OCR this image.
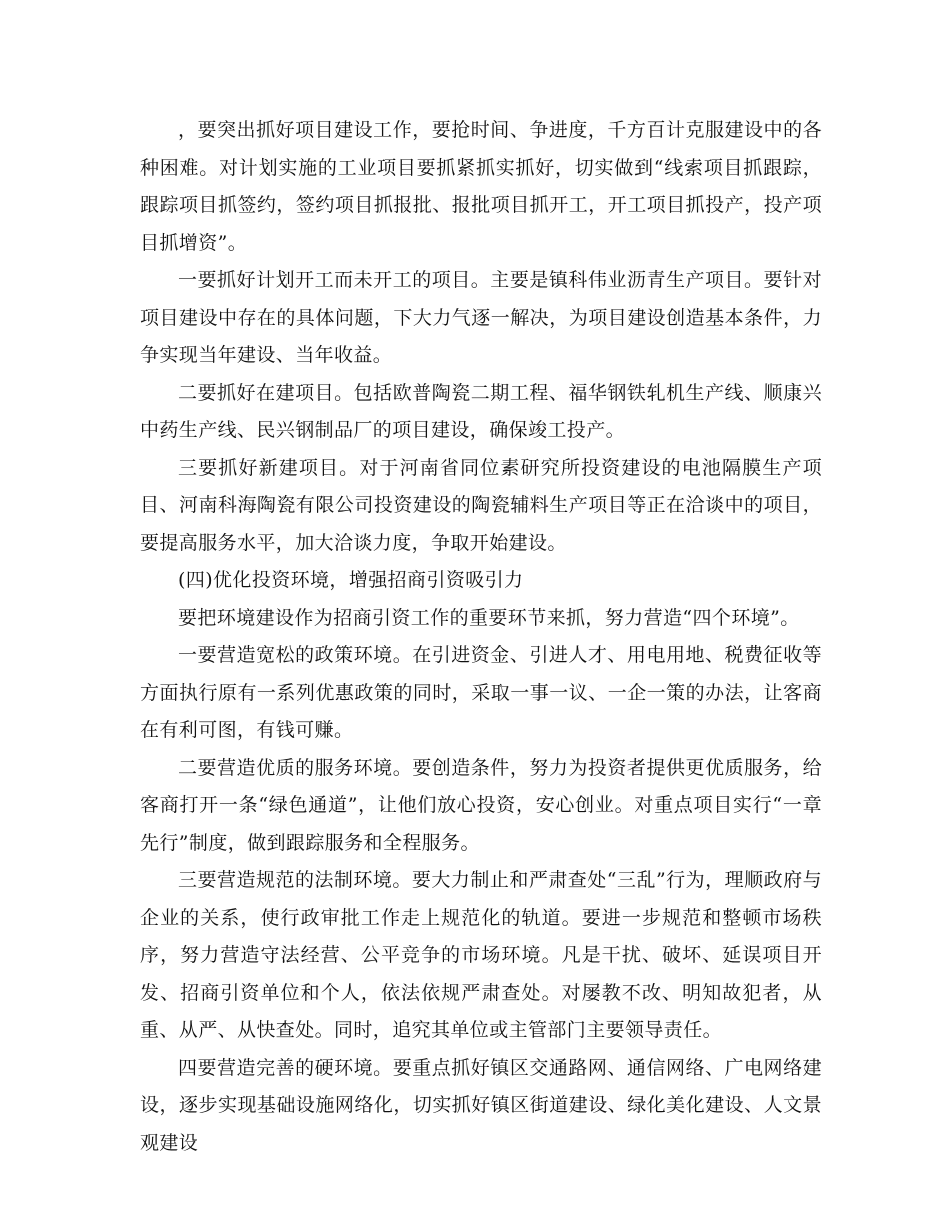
，要突出抓好项目建设工作，要抢时间、争进度，千方百计克服建设中的各种困难。对计划实施的工业项目要抓紧抓实抓好，切实做到“线索项目抓跟踪，跟踪项目抓签约，签约项目抓报批、报批项目抓开工，开工项目抓投产，投产项目抓增资”。

一要抓好计划开工而未开工的项目。主要是镇科伟业沥青生产项目。要针对项目建设中存在的具体问题，下大力气逐一解决，为项目建设创造基本条件，力争实现当年建设、当年收益。

二要抓好在建项目。包括欧普陶瓷二期工程、福华钢铁轧机生产线、顺康兴中药生产线、民兴钢制品厂的项目建设，确保竣工投产。

三要抓好新建项目。对于河南省同位素研究所投资建设的电池隔膜生产项目、河南科海陶瓷有限公司投资建设的陶瓷辅料生产项目等正在洽谈中的项目，要提高服务水平，加大洽谈力度，争取开始建设。

(四)优化投资环境，增强招商引资吸引力

要把环境建设作为招商引资工作的重要环节来抓，努力营造“四个环境”。

一要营造宽松的政策环境。在引进资金、引进人才、用电用地、税费征收等方面执行原有一系列优惠政策的同时，采取一事一议、一企一策的办法，让客商在有利可图，有钱可赚。

二要营造优质的服务环境。要创造条件，努力为投资者提供更优质服务，给客商打开一条“绿色通道”，让他们放心投资，安心创业。对重点项目实行“一章先行”制度，做到跟踪服务和全程服务。

三要营造规范的法制环境。要大力制止和严肃查处“三乱”行为，理顺政府与企业的关系，使行政审批工作走上规范化的轨道。要进一步规范和整顿市场秩序，努力营造守法经营、公平竞争的市场环境。凡是干扰、破坏、延误项目开发、招商引资单位和个人，依法依规严肃查处。对屡教不改、明知故犯者，从重、从严、从快查处。同时，追究其单位或主管部门主要领导责任。

四要营造完善的硬环境。要重点抓好镇区交通路网、通信网络、广电网络建设，逐步实现基础设施网络化，切实抓好镇区街道建设、绿化美化建设、人文景观建设
